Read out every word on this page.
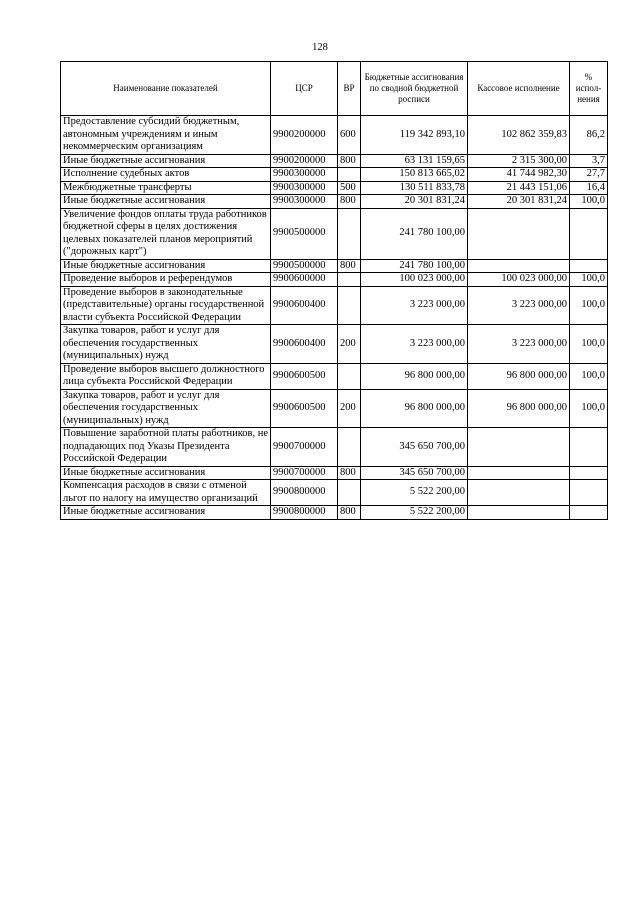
128
Наименование показателей	ЦСР	ВР	Бюджетные ассигнования по сводной бюджетной росписи	Кассовое исполнение	% испол-нения
Предоставление субсидий бюджетным, автономным учреждениям и иным некоммерческим организациям	9900200000	600	119 342 893,10	102 862 359,83	86,2
Иные бюджетные ассигнования	9900200000	800	63 131 159,65	2 315 300,00	3,7
Исполнение судебных актов	9900300000		150 813 665,02	41 744 982,30	27,7
Межбюджетные трансферты	9900300000	500	130 511 833,78	21 443 151,06	16,4
Иные бюджетные ассигнования	9900300000	800	20 301 831,24	20 301 831,24	100,0
Увеличение фондов оплаты труда работников бюджетной сферы в целях достижения целевых показателей планов мероприятий ("дорожных карт")	9900500000		241 780 100,00		
Иные бюджетные ассигнования	9900500000	800	241 780 100,00		
Проведение выборов и референдумов	9900600000		100 023 000,00	100 023 000,00	100,0
Проведение выборов в законодательные (представительные) органы государственной власти субъекта Российской Федерации	9900600400		3 223 000,00	3 223 000,00	100,0
Закупка товаров, работ и услуг для обеспечения государственных (муниципальных) нужд	9900600400	200	3 223 000,00	3 223 000,00	100,0
Проведение выборов высшего должностного лица субъекта Российской Федерации	9900600500		96 800 000,00	96 800 000,00	100,0
Закупка товаров, работ и услуг для обеспечения государственных (муниципальных) нужд	9900600500	200	96 800 000,00	96 800 000,00	100,0
Повышение заработной платы работников, не подпадающих под Указы Президента Российской Федерации	9900700000		345 650 700,00		
Иные бюджетные ассигнования	9900700000	800	345 650 700,00		
Компенсация расходов в связи с отменой льгот по налогу на имущество организаций	9900800000		5 522 200,00		
Иные бюджетные ассигнования	9900800000	800	5 522 200,00		
